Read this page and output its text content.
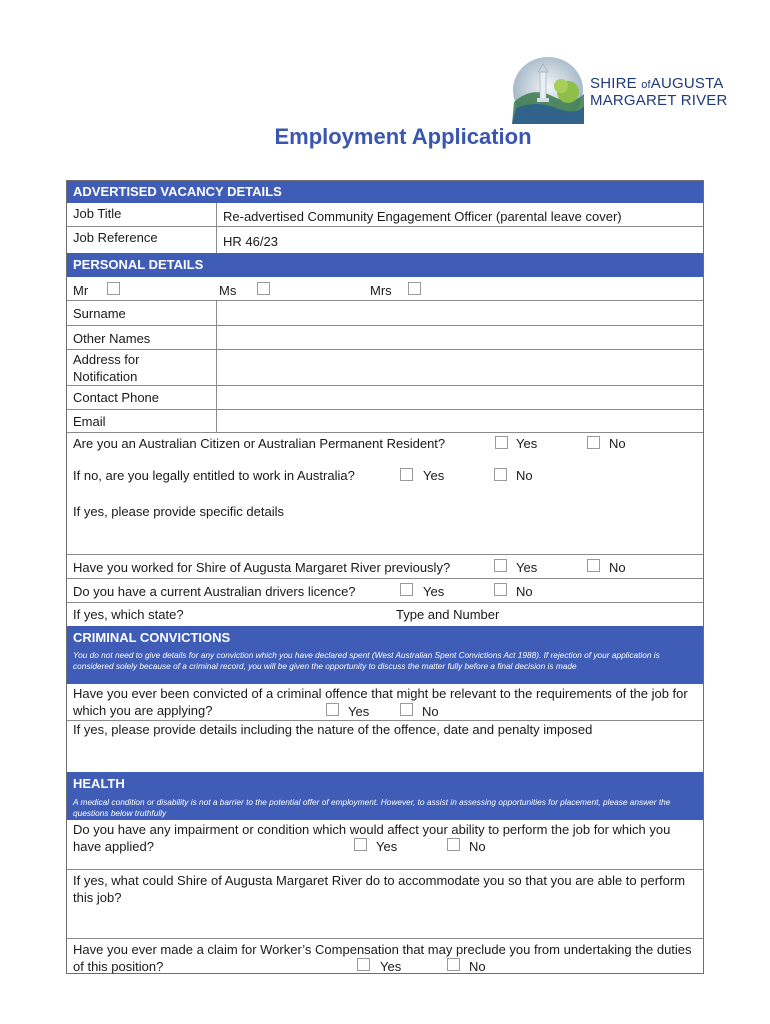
SHIRE ofAUGUSTA
MARGARET RIVER
Employment Application
ADVERTISED VACANCY DETAILS
Job Title	Re-advertised Community Engagement Officer (parental leave cover)
Job Reference	HR 46/23
PERSONAL DETAILS
Mr	Ms	Mrs
Surname
Other Names
Address for Notification
Contact Phone
Email
Are you an Australian Citizen or Australian Permanent Resident?	Yes	No
If no, are you legally entitled to work in Australia?	Yes	No
If yes, please provide specific details
Have you worked for Shire of Augusta Margaret River previously?	Yes	No
Do you have a current Australian drivers licence?	Yes	No
If yes, which state?	Type and Number
CRIMINAL CONVICTIONS
You do not need to give details for any conviction which you have declared spent (West Australian Spent Convictions Act 1988). If rejection of your application is considered solely because of a criminal record, you will be given the opportunity to discuss the matter fully before a final decision is made
Have you ever been convicted of a criminal offence that might be relevant to the requirements of the job for which you are applying?	Yes	No
If yes, please provide details including the nature of the offence, date and penalty imposed
HEALTH
A medical condition or disability is not a barrier to the potential offer of employment. However, to assist in assessing opportunities for placement, please answer the questions below truthfully
Do you have any impairment or condition which would affect your ability to perform the job for which you have applied?	Yes	No
If yes, what could Shire of Augusta Margaret River do to accommodate you so that you are able to perform this job?
Have you ever made a claim for Worker’s Compensation that may preclude you from undertaking the duties of this position?	Yes	No
